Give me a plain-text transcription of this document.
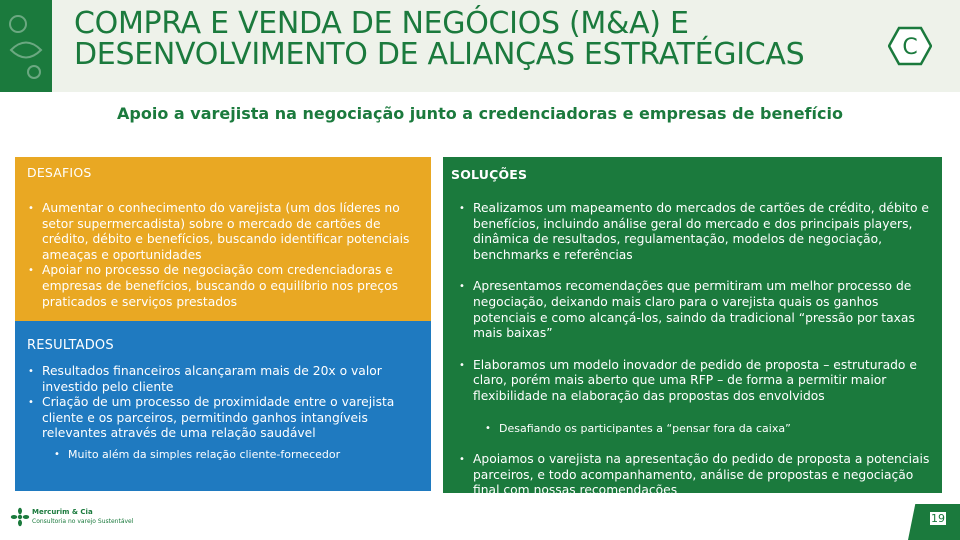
COMPRA E VENDA DE NEGÓCIOS (M&A) E
DESENVOLVIMENTO DE ALIANÇAS ESTRATÉGICAS	C
Apoio a varejista na negociação junto a credenciadoras e empresas de benefício
DESAFIOS
• Aumentar o conhecimento do varejista (um dos líderes no setor supermercadista) sobre o mercado de cartões de crédito, débito e benefícios, buscando identificar potenciais ameaças e oportunidades
• Apoiar no processo de negociação com credenciadoras e empresas de benefícios, buscando o equilíbrio nos preços praticados e serviços prestados
RESULTADOS
• Resultados financeiros alcançaram mais de 20x o valor investido pelo cliente
• Criação de um processo de proximidade entre o varejista cliente e os parceiros, permitindo ganhos intangíveis relevantes através de uma relação saudável
• Muito além da simples relação cliente-fornecedor
SOLUÇÕES
• Realizamos um mapeamento do mercados de cartões de crédito, débito e benefícios, incluindo análise geral do mercado e dos principais players, dinâmica de resultados, regulamentação, modelos de negociação, benchmarks e referências
• Apresentamos recomendações que permitiram um melhor processo de negociação, deixando mais claro para o varejista quais os ganhos potenciais e como alcançá-los, saindo da tradicional “pressão por taxas mais baixas”
• Elaboramos um modelo inovador de pedido de proposta – estruturado e claro, porém mais aberto que uma RFP – de forma a permitir maior flexibilidade na elaboração das propostas dos envolvidos
• Desafiando os participantes a “pensar fora da caixa”
• Apoiamos o varejista na apresentação do pedido de proposta a potenciais parceiros, e todo acompanhamento, análise de propostas e negociação final com nossas recomendações
Mercurim & Cia
Consultoria no varejo Sustentável	19
